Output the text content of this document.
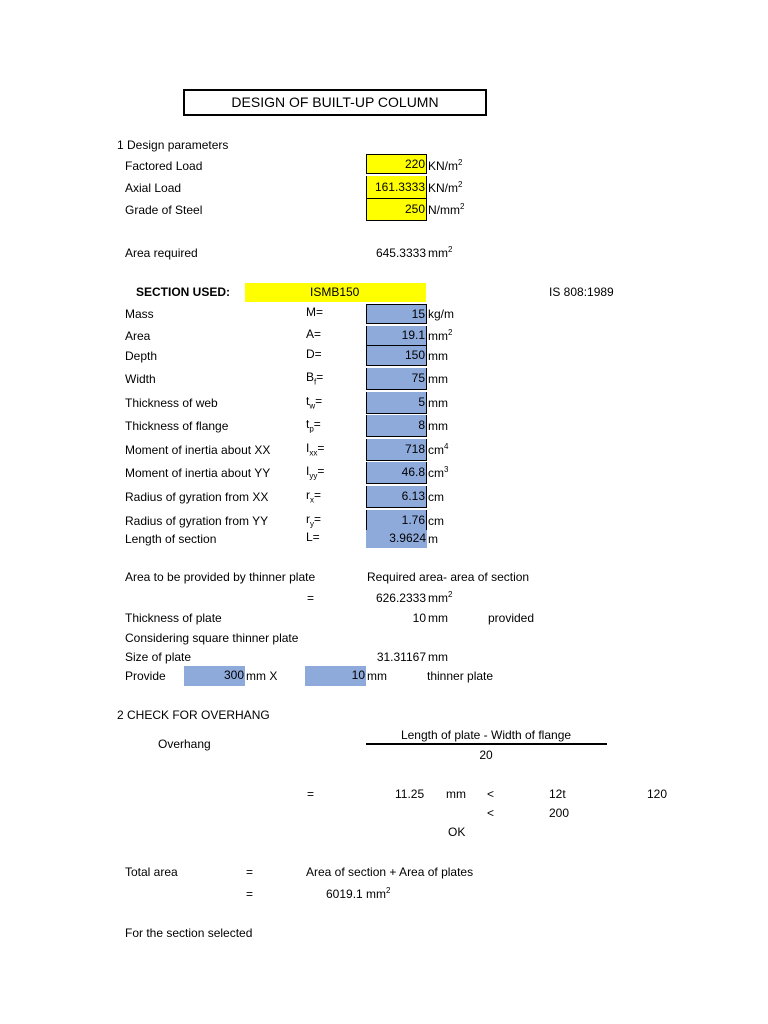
DESIGN OF BUILT-UP COLUMN
1 Design parameters
Factored Load	220 $KN/m^2$
Axial Load	161.3333 $KN/m^2$
Grade of Steel	250 $N/mm^2$
Area required	645.3333 $mm^2$
SECTION USED:	ISMB150	IS 808:1989
Mass	M=	15 kg/m
Area	A=	19.1 $mm^2$
Depth	D=	150 mm
Width	$B_f=$	75 mm
Thickness of web	$t_w=$	5 mm
Thickness of flange	$t_p=$	8 mm
Moment of inertia about XX	$I_{xx}=$	718 $cm^4$
Moment of inertia about YY	$I_{yy}=$	46.8 $cm^3$
Radius of gyration from XX	$r_x=$	6.13 cm
Radius of gyration from YY	$r_y=$	1.76 cm
Length of section	L=	3.9624 m
Area to be provided by thinner plate	Required area- area of section
=	626.2333 $mm^2$
Thickness of plate	10 mm	provided
Considering square thinner plate
Size of plate	31.31167 mm
Provide	300 mm X	10 mm	thinner plate
2 CHECK FOR OVERHANG
Overhang
Length of plate - Width of flange
20
=	11.25 mm <	12t	120
<	200
OK
Total area	=	Area of section + Area of plates
=	6019.1 $mm^2$
For the section selected
